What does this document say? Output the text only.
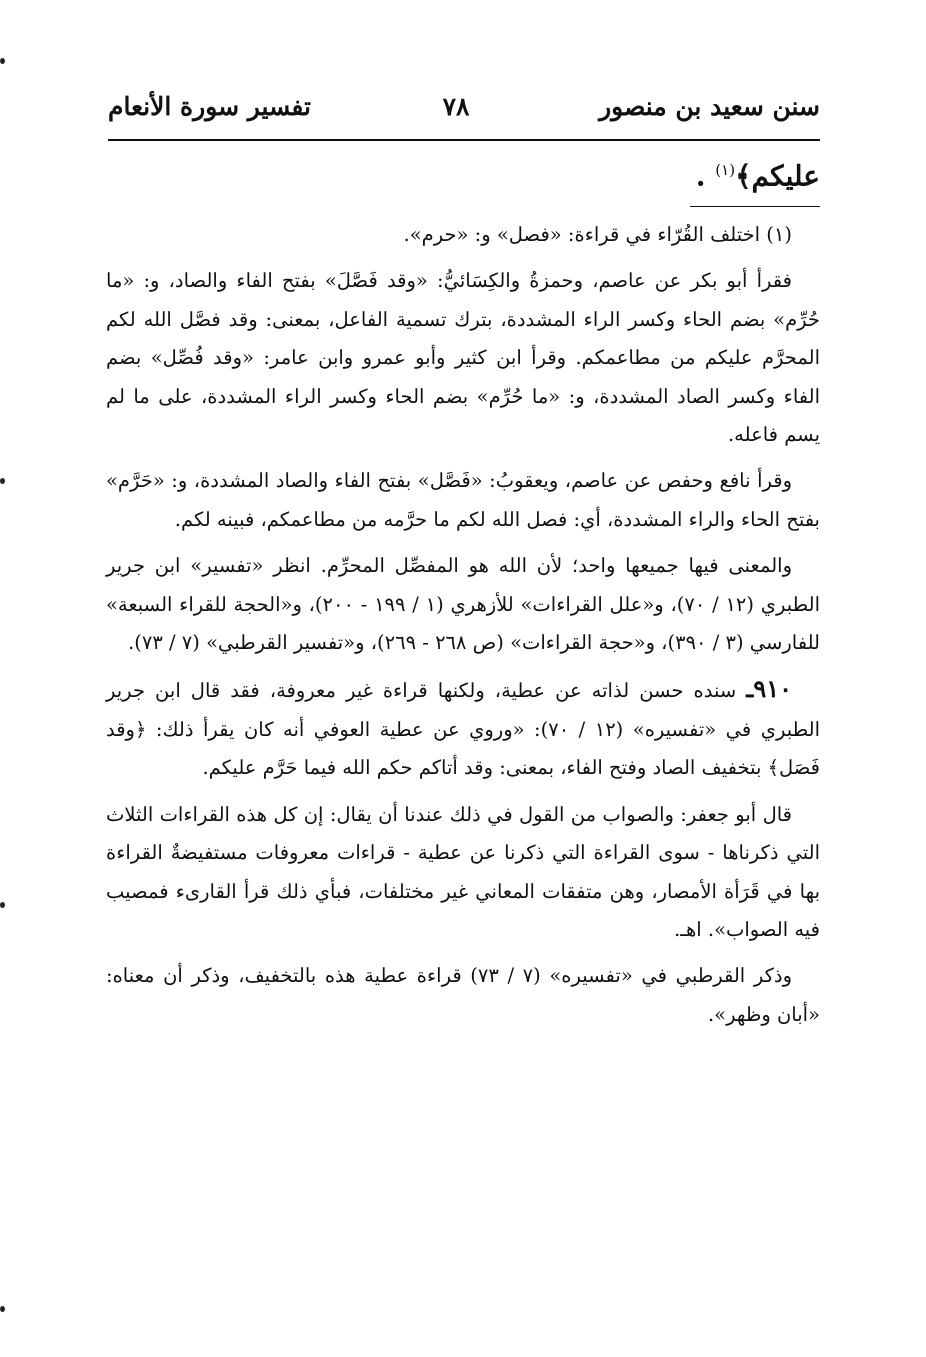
سنن سعيد بن منصور
٧٨
تفسير سورة الأنعام
عليكم﴾$^{(١)}$ .

(١) اختلف القُرّاء في قراءة: «فصل» و: «حرم».

فقرأ أبو بكر عن عاصم، وحمزةُ والكِسَائيُّ: «وقد فَصَّلَ» بفتح الفاء والصاد، و: «ما حُرِّم» بضم الحاء وكسر الراء المشددة، بترك تسمية الفاعل، بمعنى: وقد فصَّل الله لكم المحرَّم عليكم من مطاعمكم. وقرأ ابن كثير وأبو عمرو وابن عامر: «وقد فُصِّل» بضم الفاء وكسر الصاد المشددة، و: «ما حُرِّم» بضم الحاء وكسر الراء المشددة، على ما لم يسم فاعله.

وقرأ نافع وحفص عن عاصم، ويعقوبُ: «فَصَّل» بفتح الفاء والصاد المشددة، و: «حَرَّم» بفتح الحاء والراء المشددة، أي: فصل الله لكم ما حرَّمه من مطاعمكم، فبينه لكم.

والمعنى فيها جميعها واحد؛ لأن الله هو المفصِّل المحرِّم. انظر «تفسير» ابن جرير الطبري (١٢ / ٧٠)، و«علل القراءات» للأزهري (١ / ١٩٩ - ٢٠٠)، و«الحجة للقراء السبعة» للفارسي (٣ / ٣٩٠)، و«حجة القراءات» (ص ٢٦٨ - ٢٦٩)، و«تفسير القرطبي» (٧ / ٧٣).

٩١٠ـ سنده حسن لذاته عن عطية، ولكنها قراءة غير معروفة، فقد قال ابن جرير الطبري في «تفسيره» (١٢ / ٧٠): «وروي عن عطية العوفي أنه كان يقرأ ذلك: ﴿وقد فَصَل﴾ بتخفيف الصاد وفتح الفاء، بمعنى: وقد أتاكم حكم الله فيما حَرَّم عليكم.

قال أبو جعفر: والصواب من القول في ذلك عندنا أن يقال: إن كل هذه القراءات الثلاث التي ذكرناها - سوى القراءة التي ذكرنا عن عطية - قراءات معروفات مستفيضةٌ القراءة بها في قَرَأة الأمصار، وهن متفقات المعاني غير مختلفات، فبأي ذلك قرأ القارىء فمصيب فيه الصواب». اهـ.

وذكر القرطبي في «تفسيره» (٧ / ٧٣) قراءة عطية هذه بالتخفيف، وذكر أن معناه: «أبان وظهر».
